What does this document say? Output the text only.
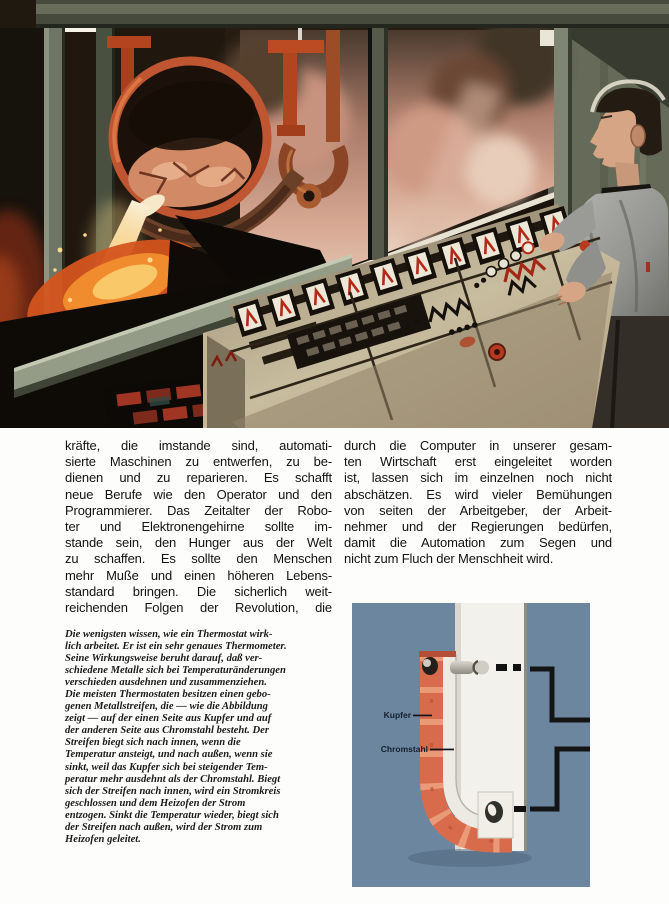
kräfte, die imstande sind, automati-
sierte Maschinen zu entwerfen, zu be-
dienen und zu reparieren. Es schafft
neue Berufe wie den Operator und den
Programmierer. Das Zeitalter der Robo-
ter und Elektronengehirne sollte im-
stande sein, den Hunger aus der Welt
zu schaffen. Es sollte den Menschen
mehr Muße und einen höheren Lebens-
standard bringen. Die sicherlich weit-
reichenden Folgen der Revolution, die
durch die Computer in unserer gesam-
ten Wirtschaft erst eingeleitet worden
ist, lassen sich im einzelnen noch nicht
abschätzen. Es wird vieler Bemühungen
von seiten der Arbeitgeber, der Arbeit-
nehmer und der Regierungen bedürfen,
damit die Automation zum Segen und
nicht zum Fluch der Menschheit wird.
Die wenigsten wissen, wie ein Thermostat wirk-
lich arbeitet. Er ist ein sehr genaues Thermometer.
Seine Wirkungsweise beruht darauf, daß ver-
schiedene Metalle sich bei Temperaturänderungen
verschieden ausdehnen und zusammenziehen.
Die meisten Thermostaten besitzen einen gebo-
genen Metallstreifen, die — wie die Abbildung
zeigt — auf der einen Seite aus Kupfer und auf
der anderen Seite aus Chromstahl besteht. Der
Streifen biegt sich nach innen, wenn die
Temperatur ansteigt, und nach außen, wenn sie
sinkt, weil das Kupfer sich bei steigender Tem-
peratur mehr ausdehnt als der Chromstahl. Biegt
sich der Streifen nach innen, wird ein Stromkreis
geschlossen und dem Heizofen der Strom
entzogen. Sinkt die Temperatur wieder, biegt sich
der Streifen nach außen, wird der Strom zum
Heizofen geleitet.
Kupfer
Chromstahl
